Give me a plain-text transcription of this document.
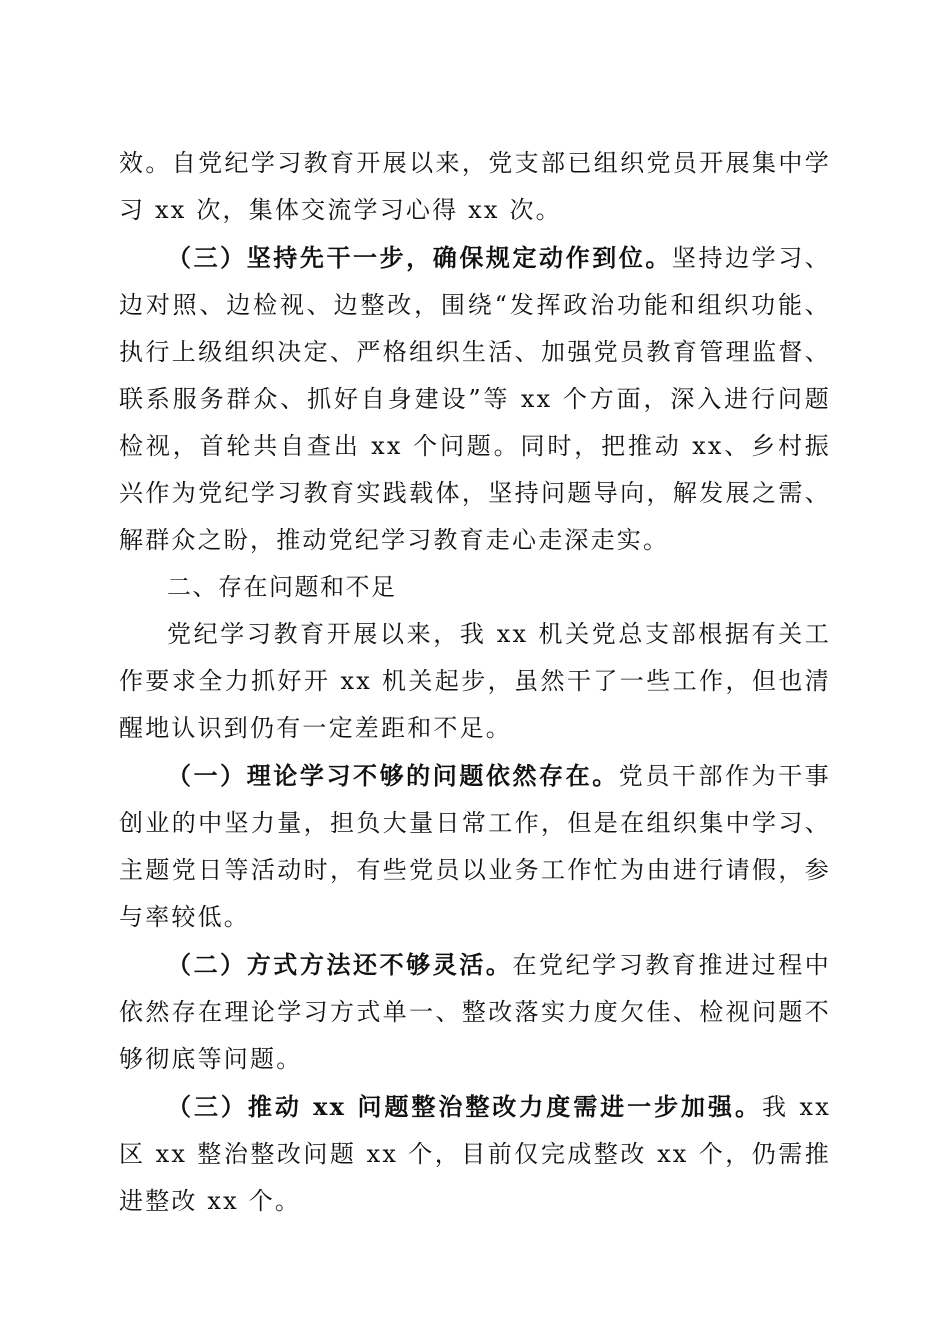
效。自党纪学习教育开展以来，党支部已组织党员开展集中学习 xx 次，集体交流学习心得 xx 次。

（三）坚持先干一步，确保规定动作到位。坚持边学习、边对照、边检视、边整改，围绕“发挥政治功能和组织功能、执行上级组织决定、严格组织生活、加强党员教育管理监督、联系服务群众、抓好自身建设”等 xx 个方面，深入进行问题检视，首轮共自查出 xx 个问题。同时，把推动 xx、乡村振兴作为党纪学习教育实践载体，坚持问题导向，解发展之需、解群众之盼，推动党纪学习教育走心走深走实。

二、存在问题和不足

党纪学习教育开展以来，我 xx 机关党总支部根据有关工作要求全力抓好开 xx 机关起步，虽然干了一些工作，但也清醒地认识到仍有一定差距和不足。

（一）理论学习不够的问题依然存在。党员干部作为干事创业的中坚力量，担负大量日常工作，但是在组织集中学习、主题党日等活动时，有些党员以业务工作忙为由进行请假，参与率较低。

（二）方式方法还不够灵活。在党纪学习教育推进过程中依然存在理论学习方式单一、整改落实力度欠佳、检视问题不够彻底等问题。

（三）推动 xx 问题整治整改力度需进一步加强。我 xx 区 xx 整治整改问题 xx 个，目前仅完成整改 xx 个，仍需推进整改 xx 个。
